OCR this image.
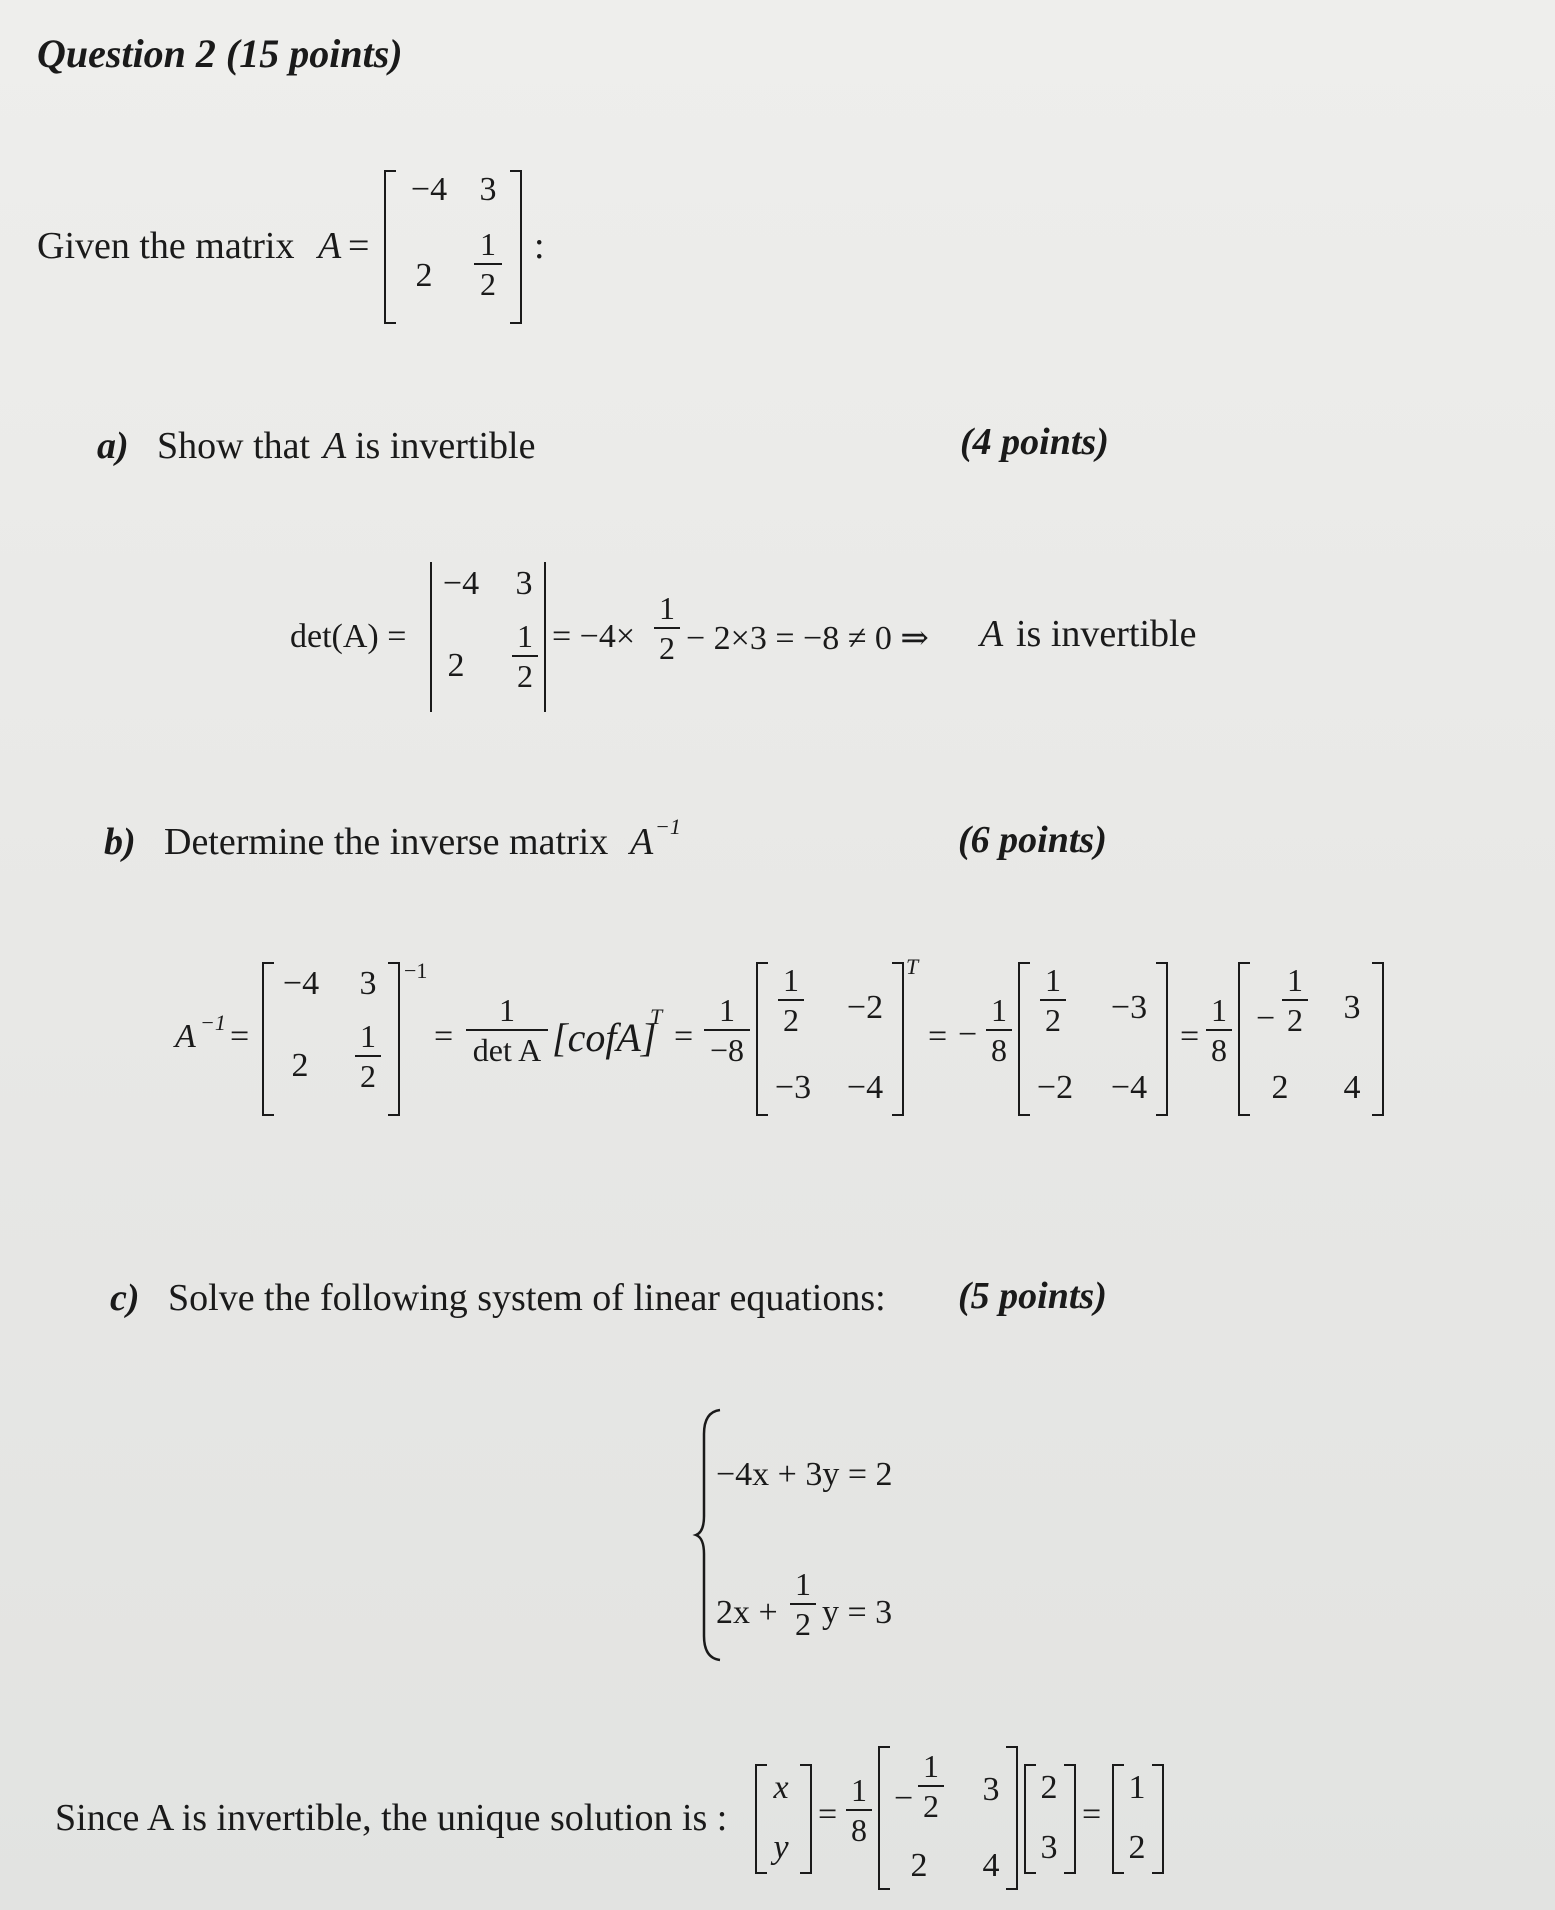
Question 2 (15 points)
Given the matrix A =
−4 3
2
1
2
:
a) Show that A is invertible	(4 points)
det(A) =
−4 3
2
1
2
= −4×
1
2 − 2×3 = −8 ≠ 0 ⇒ A is invertible
b) Determine the inverse matrix A −1	(6 points)
A −1 =
−4 3
2
1
2
−1
=
1
det A [cofA]
T
=
1
−8
1
2 −2
−3 −4
T
= −
1
8
1
2 −3
−2 −4
=
1
8
−
1
2 3
2 4
c) Solve the following system of linear equations: (5 points)
−4x + 3y = 2
2x +
1
2 y = 3
Since A is invertible, the unique solution is :
x
y
=
1
8
−
1
2 3
2 4
2
3
=
1
2
